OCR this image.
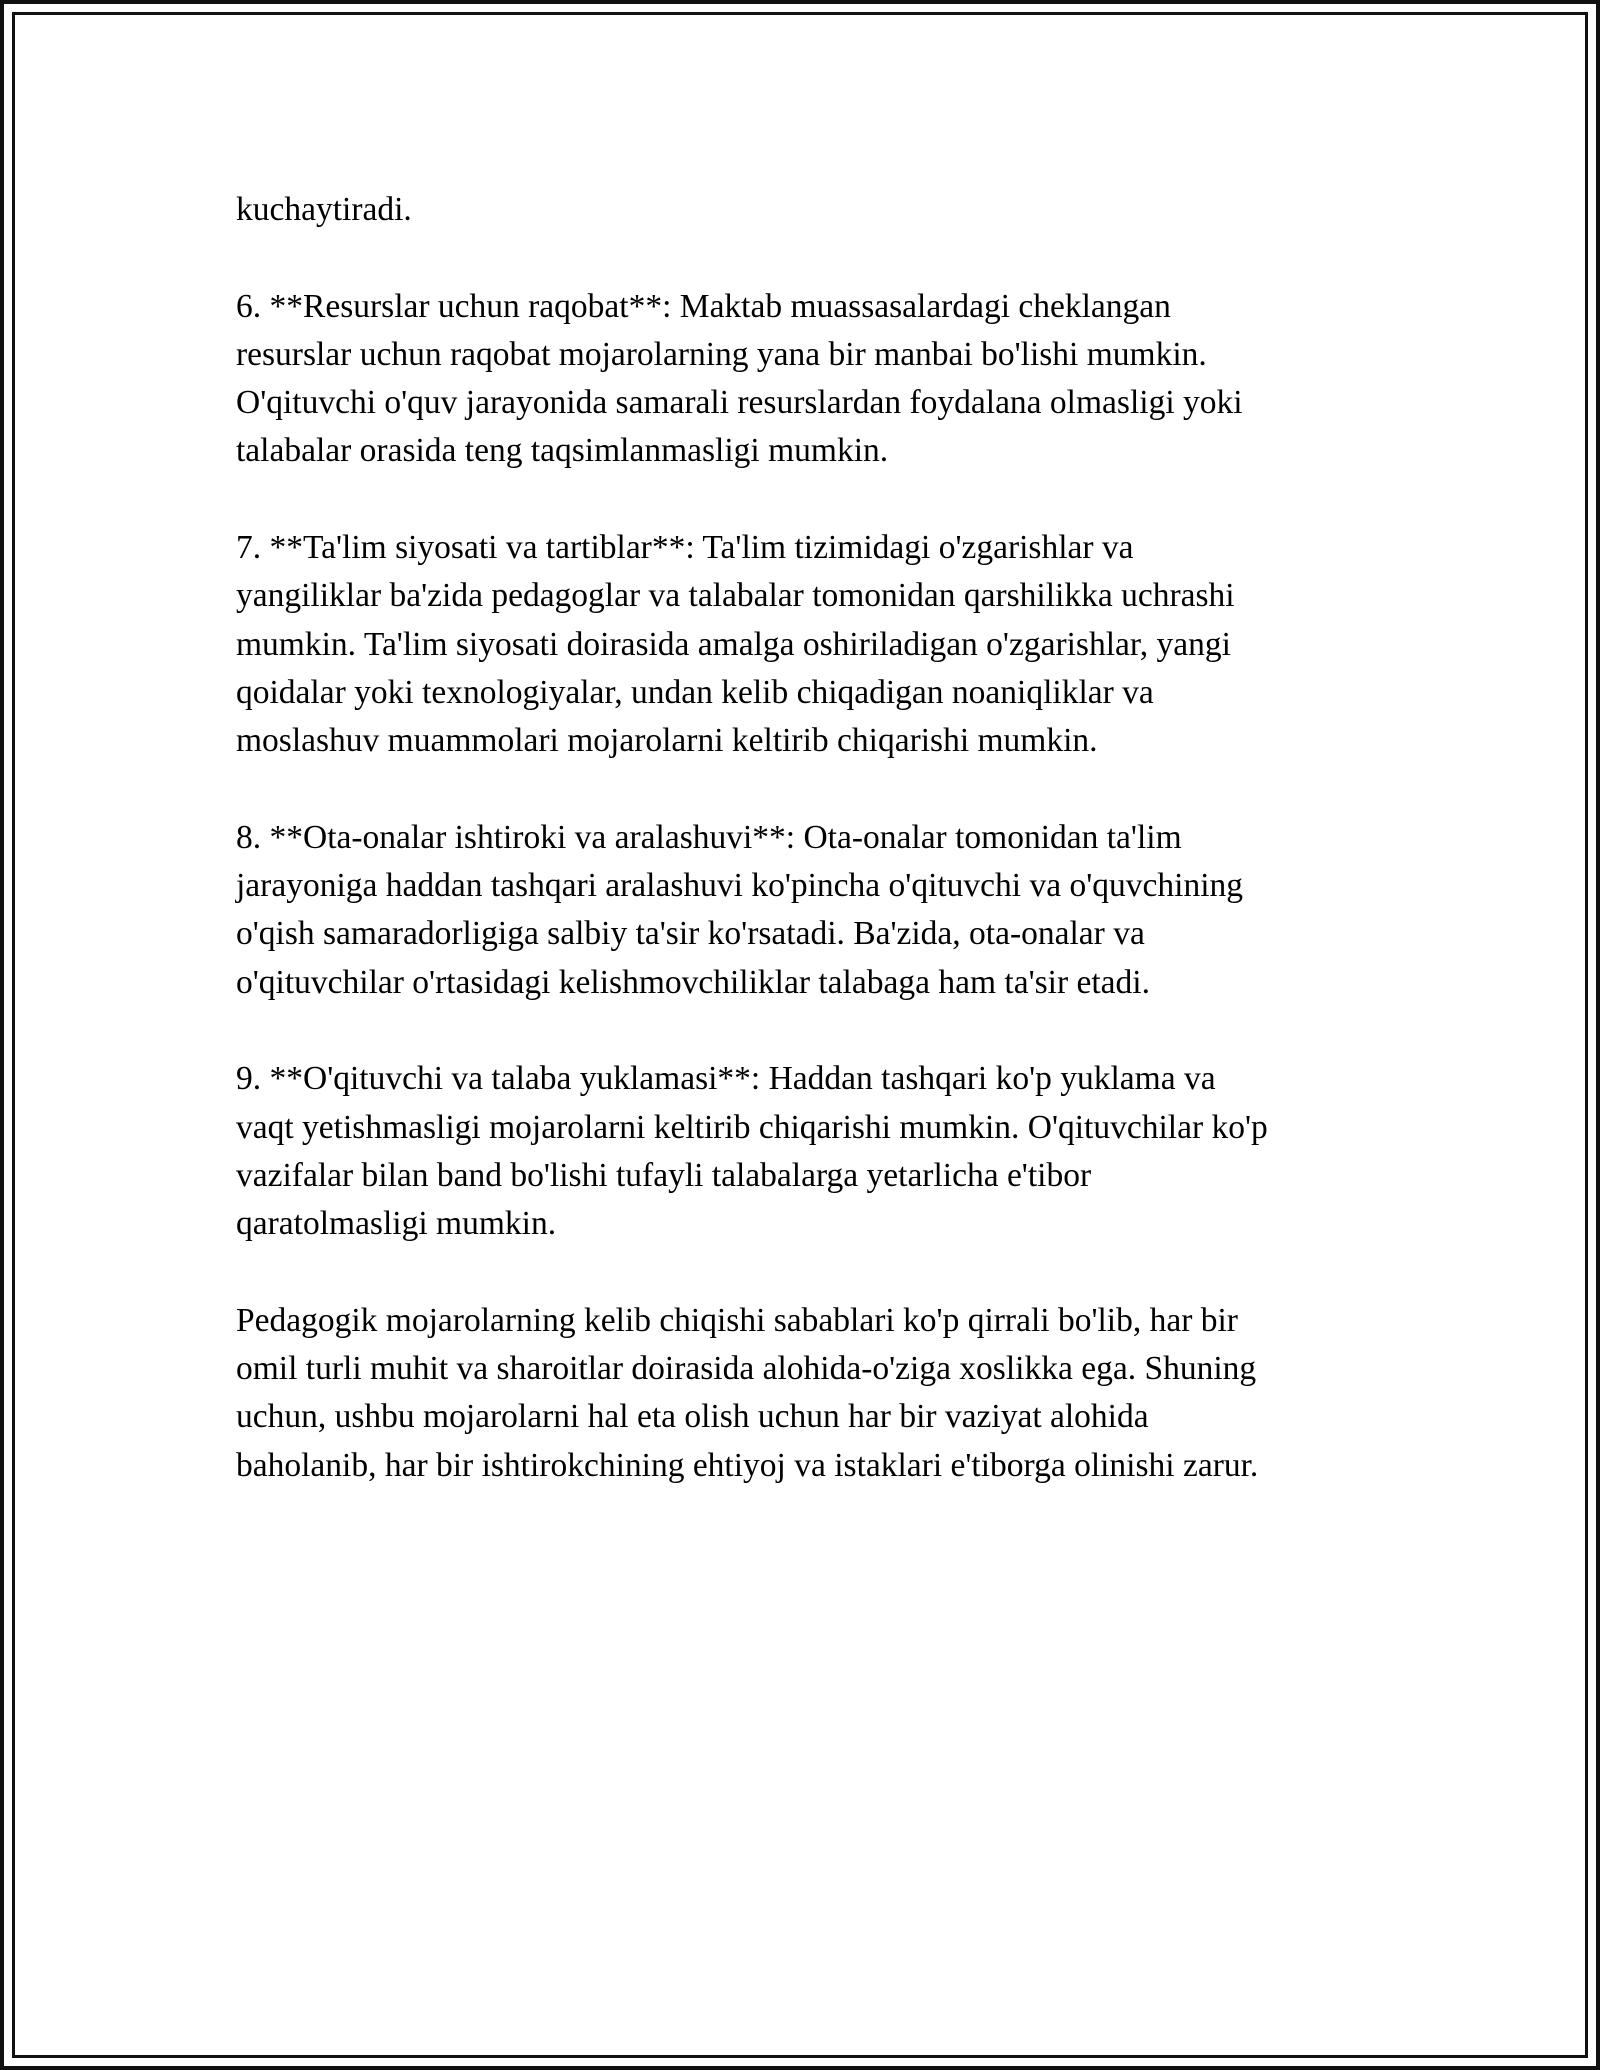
kuchaytiradi.
6. **Resurslar uchun raqobat**: Maktab muassasalardagi cheklangan
resurslar uchun raqobat mojarolarning yana bir manbai bo'lishi mumkin.
O'qituvchi o'quv jarayonida samarali resurslardan foydalana olmasligi yoki
talabalar orasida teng taqsimlanmasligi mumkin.
7. **Ta'lim siyosati va tartiblar**: Ta'lim tizimidagi o'zgarishlar va
yangiliklar ba'zida pedagoglar va talabalar tomonidan qarshilikka uchrashi
mumkin. Ta'lim siyosati doirasida amalga oshiriladigan o'zgarishlar, yangi
qoidalar yoki texnologiyalar, undan kelib chiqadigan noaniqliklar va
moslashuv muammolari mojarolarni keltirib chiqarishi mumkin.
8. **Ota-onalar ishtiroki va aralashuvi**: Ota-onalar tomonidan ta'lim
jarayoniga haddan tashqari aralashuvi ko'pincha o'qituvchi va o'quvchining
o'qish samaradorligiga salbiy ta'sir ko'rsatadi. Ba'zida, ota-onalar va
o'qituvchilar o'rtasidagi kelishmovchiliklar talabaga ham ta'sir etadi.
9. **O'qituvchi va talaba yuklamasi**: Haddan tashqari ko'p yuklama va
vaqt yetishmasligi mojarolarni keltirib chiqarishi mumkin. O'qituvchilar ko'p
vazifalar bilan band bo'lishi tufayli talabalarga yetarlicha e'tibor
qaratolmasligi mumkin.
Pedagogik mojarolarning kelib chiqishi sabablari ko'p qirrali bo'lib, har bir
omil turli muhit va sharoitlar doirasida alohida-o'ziga xoslikka ega. Shuning
uchun, ushbu mojarolarni hal eta olish uchun har bir vaziyat alohida
baholanib, har bir ishtirokchining ehtiyoj va istaklari e'tiborga olinishi zarur.
